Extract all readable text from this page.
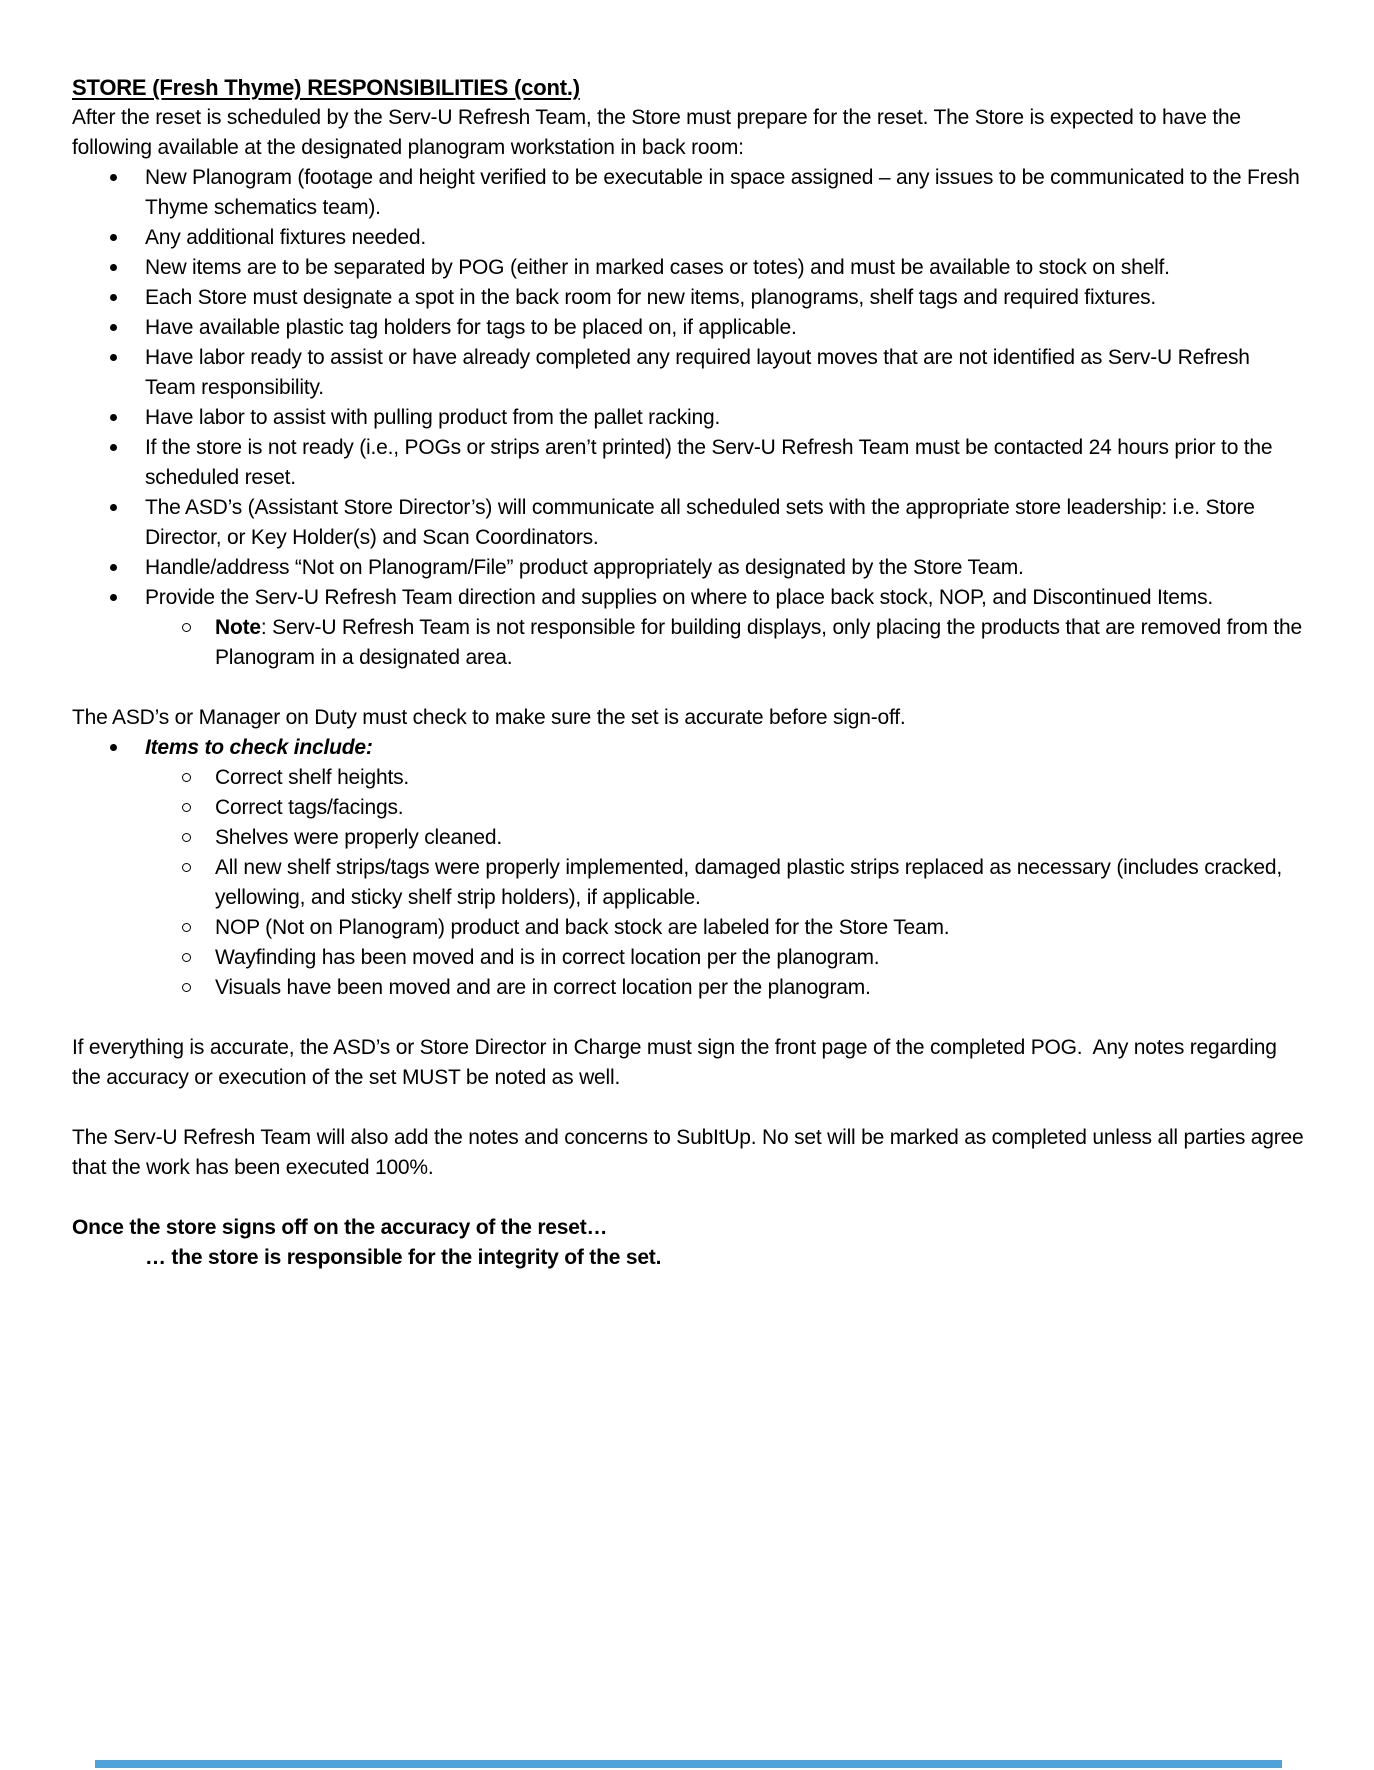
STORE (Fresh Thyme) RESPONSIBILITIES (cont.)

After the reset is scheduled by the Serv-U Refresh Team, the Store must prepare for the reset. The Store is expected to have the following available at the designated planogram workstation in back room:

New Planogram (footage and height verified to be executable in space assigned – any issues to be communicated to the Fresh Thyme schematics team).
Any additional fixtures needed.
New items are to be separated by POG (either in marked cases or totes) and must be available to stock on shelf.
Each Store must designate a spot in the back room for new items, planograms, shelf tags and required fixtures.
Have available plastic tag holders for tags to be placed on, if applicable.
Have labor ready to assist or have already completed any required layout moves that are not identified as Serv-U Refresh Team responsibility.
Have labor to assist with pulling product from the pallet racking.
If the store is not ready (i.e., POGs or strips aren’t printed) the Serv-U Refresh Team must be contacted 24 hours prior to the scheduled reset.
The ASD’s (Assistant Store Director’s) will communicate all scheduled sets with the appropriate store leadership: i.e. Store Director, or Key Holder(s) and Scan Coordinators.
Handle/address “Not on Planogram/File” product appropriately as designated by the Store Team.
Provide the Serv-U Refresh Team direction and supplies on where to place back stock, NOP, and Discontinued Items.
Note: Serv-U Refresh Team is not responsible for building displays, only placing the products that are removed from the Planogram in a designated area.

The ASD’s or Manager on Duty must check to make sure the set is accurate before sign-off.

Items to check include:
Correct shelf heights.
Correct tags/facings.
Shelves were properly cleaned.
All new shelf strips/tags were properly implemented, damaged plastic strips replaced as necessary (includes cracked, yellowing, and sticky shelf strip holders), if applicable.
NOP (Not on Planogram) product and back stock are labeled for the Store Team.
Wayfinding has been moved and is in correct location per the planogram.
Visuals have been moved and are in correct location per the planogram.

If everything is accurate, the ASD’s or Store Director in Charge must sign the front page of the completed POG.  Any notes regarding the accuracy or execution of the set MUST be noted as well.

The Serv-U Refresh Team will also add the notes and concerns to SubItUp. No set will be marked as completed unless all parties agree that the work has been executed 100%.

Once the store signs off on the accuracy of the reset…

… the store is responsible for the integrity of the set.
